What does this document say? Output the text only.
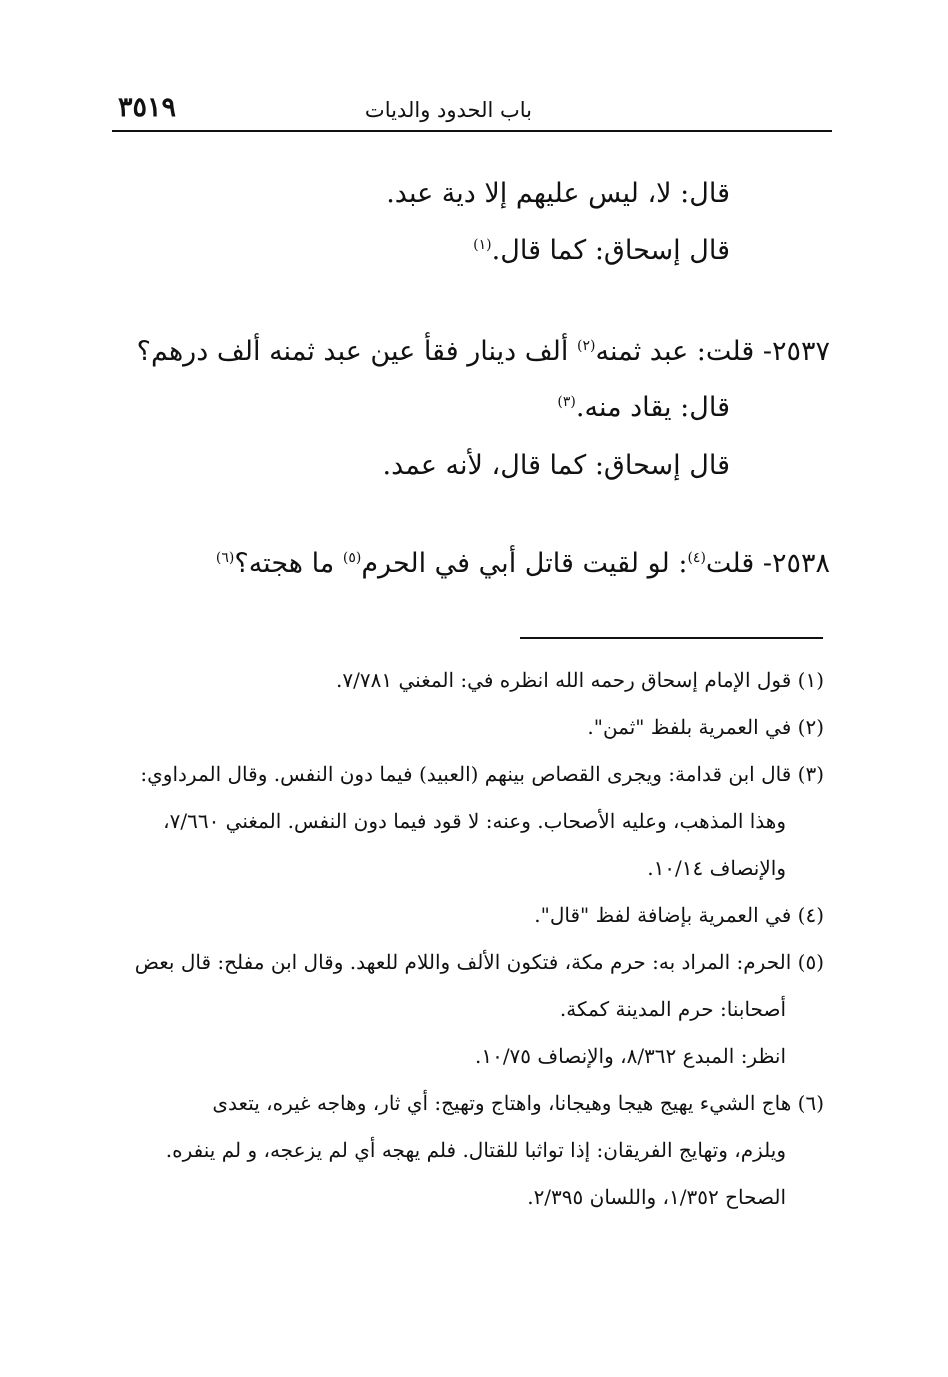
باب الحدود والديات
٣٥١٩
قال: لا، ليس عليهم إلا دية عبد.
قال إسحاق: كما قال.$^{(١)}$
٢٥٣٧- قلت: عبد ثمنه$^{(٢)}$ ألف دينار فقأ عين عبد ثمنه ألف درهم؟
قال: يقاد منه.$^{(٣)}$
قال إسحاق: كما قال، لأنه عمد.
٢٥٣٨- قلت$^{(٤)}$: لو لقيت قاتل أبي في الحرم$^{(٥)}$ ما هجته؟$^{(٦)}$
(١) قول الإمام إسحاق رحمه الله انظره في: المغني ٧/٧٨١.
(٢) في العمرية بلفظ "ثمن".
(٣) قال ابن قدامة: ويجرى القصاص بينهم (العبيد) فيما دون النفس. وقال المرداوي:
وهذا المذهب، وعليه الأصحاب. وعنه: لا قود فيما دون النفس. المغني ٧/٦٦٠،
والإنصاف ١٠/١٤.
(٤) في العمرية بإضافة لفظ "قال".
(٥) الحرم: المراد به: حرم مكة، فتكون الألف واللام للعهد. وقال ابن مفلح: قال بعض
أصحابنا: حرم المدينة كمكة.
انظر: المبدع ٨/٣٦٢، والإنصاف ١٠/٧٥.
(٦) هاج الشيء يهيج هيجا وهيجانا، واهتاج وتهيج: أي ثار، وهاجه غيره، يتعدى
ويلزم، وتهايج الفريقان: إذا تواثبا للقتال. فلم يهجه أي لم يزعجه، و لم ينفره.
الصحاح ١/٣٥٢، واللسان ٢/٣٩٥.
